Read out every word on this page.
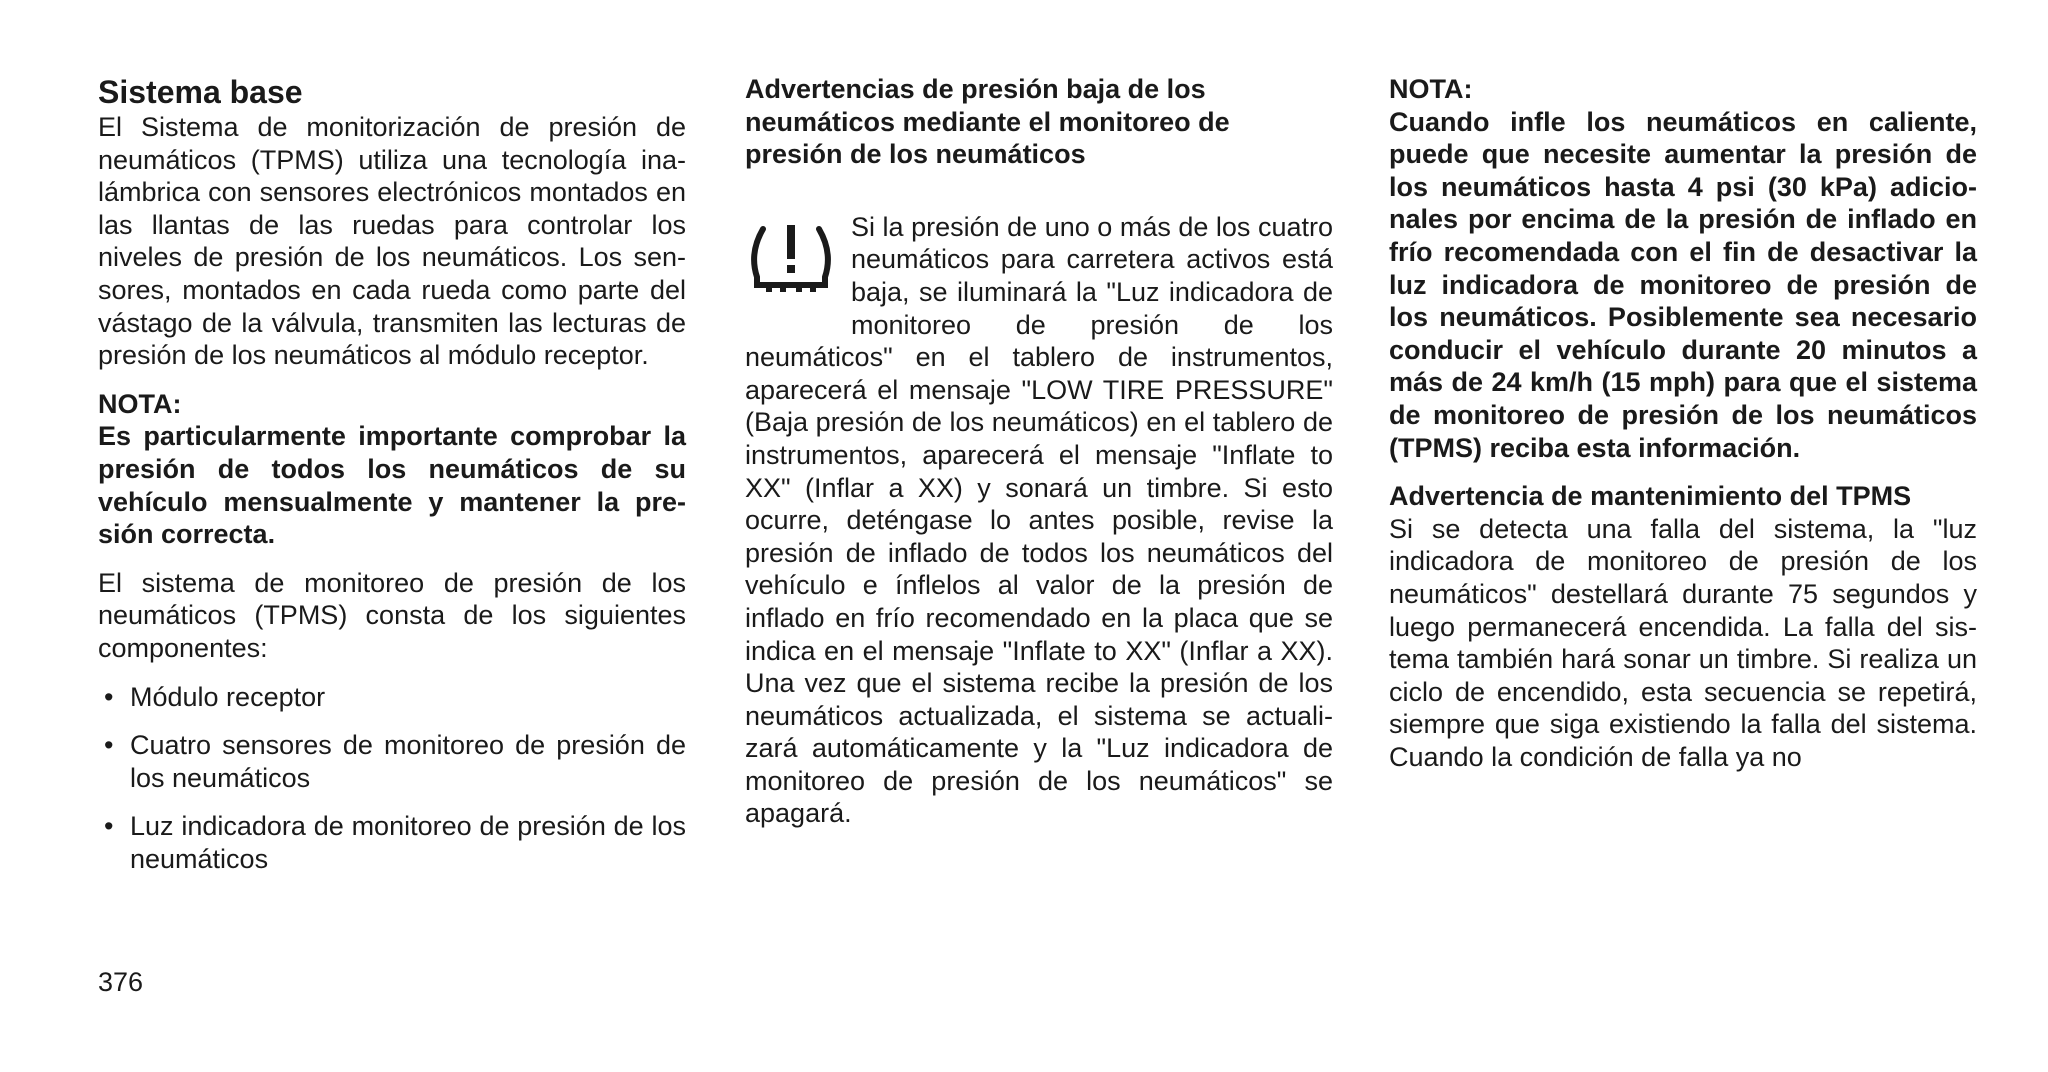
Sistema base

El Sistema de monitorización de presión de neumáticos (TPMS) utiliza una tecnología inalámbrica con sensores electrónicos montados en las llantas de las ruedas para controlar los niveles de presión de los neumáticos. Los sensores, montados en cada rueda como parte del vástago de la válvula, transmiten las lecturas de presión de los neumáticos al módulo receptor.

NOTA:

Es particularmente importante comprobar la presión de todos los neumáticos de su vehículo mensualmente y mantener la presión correcta.

El sistema de monitoreo de presión de los neumáticos (TPMS) consta de los siguientes componentes:

• Módulo receptor
• Cuatro sensores de monitoreo de presión de los neumáticos
• Luz indicadora de monitoreo de presión de los neumáticos
Advertencias de presión baja de los neumáticos mediante el monitoreo de presión de los neumáticos

Si la presión de uno o más de los cuatro neumáticos para carretera activos está baja, se iluminará la "Luz indicadora de monitoreo de presión de los neumáticos" en el tablero de instrumentos, aparecerá el mensaje "LOW TIRE PRESSURE" (Baja presión de los neumáticos) en el tablero de instrumentos, aparecerá el mensaje "Inflate to XX" (Inflar a XX) y sonará un timbre. Si esto ocurre, deténgase lo antes posible, revise la presión de inflado de todos los neumáticos del vehículo e ínflelos al valor de la presión de inflado en frío recomendado en la placa que se indica en el mensaje "Inflate to XX" (Inflar a XX). Una vez que el sistema recibe la presión de los neumáticos actualizada, el sistema se actualizará automáticamente y la "Luz indicadora de monitoreo de presión de los neumáticos" se apagará.

NOTA:

Cuando infle los neumáticos en caliente, puede que necesite aumentar la presión de los neumáticos hasta 4 psi (30 kPa) adicionales por encima de la presión de inflado en frío recomendada con el fin de desactivar la luz indicadora de monitoreo de presión de los neumáticos. Posiblemente sea necesario conducir el vehículo durante 20 minutos a más de 24 km/h (15 mph) para que el sistema de monitoreo de presión de los neumáticos (TPMS) reciba esta información.

Advertencia de mantenimiento del TPMS

Si se detecta una falla del sistema, la "luz indicadora de monitoreo de presión de los neumáticos" destellará durante 75 segundos y luego permanecerá encendida. La falla del sistema también hará sonar un timbre. Si realiza un ciclo de encendido, esta secuencia se repetirá, siempre que siga existiendo la falla del sistema. Cuando la condición de falla ya no

376
